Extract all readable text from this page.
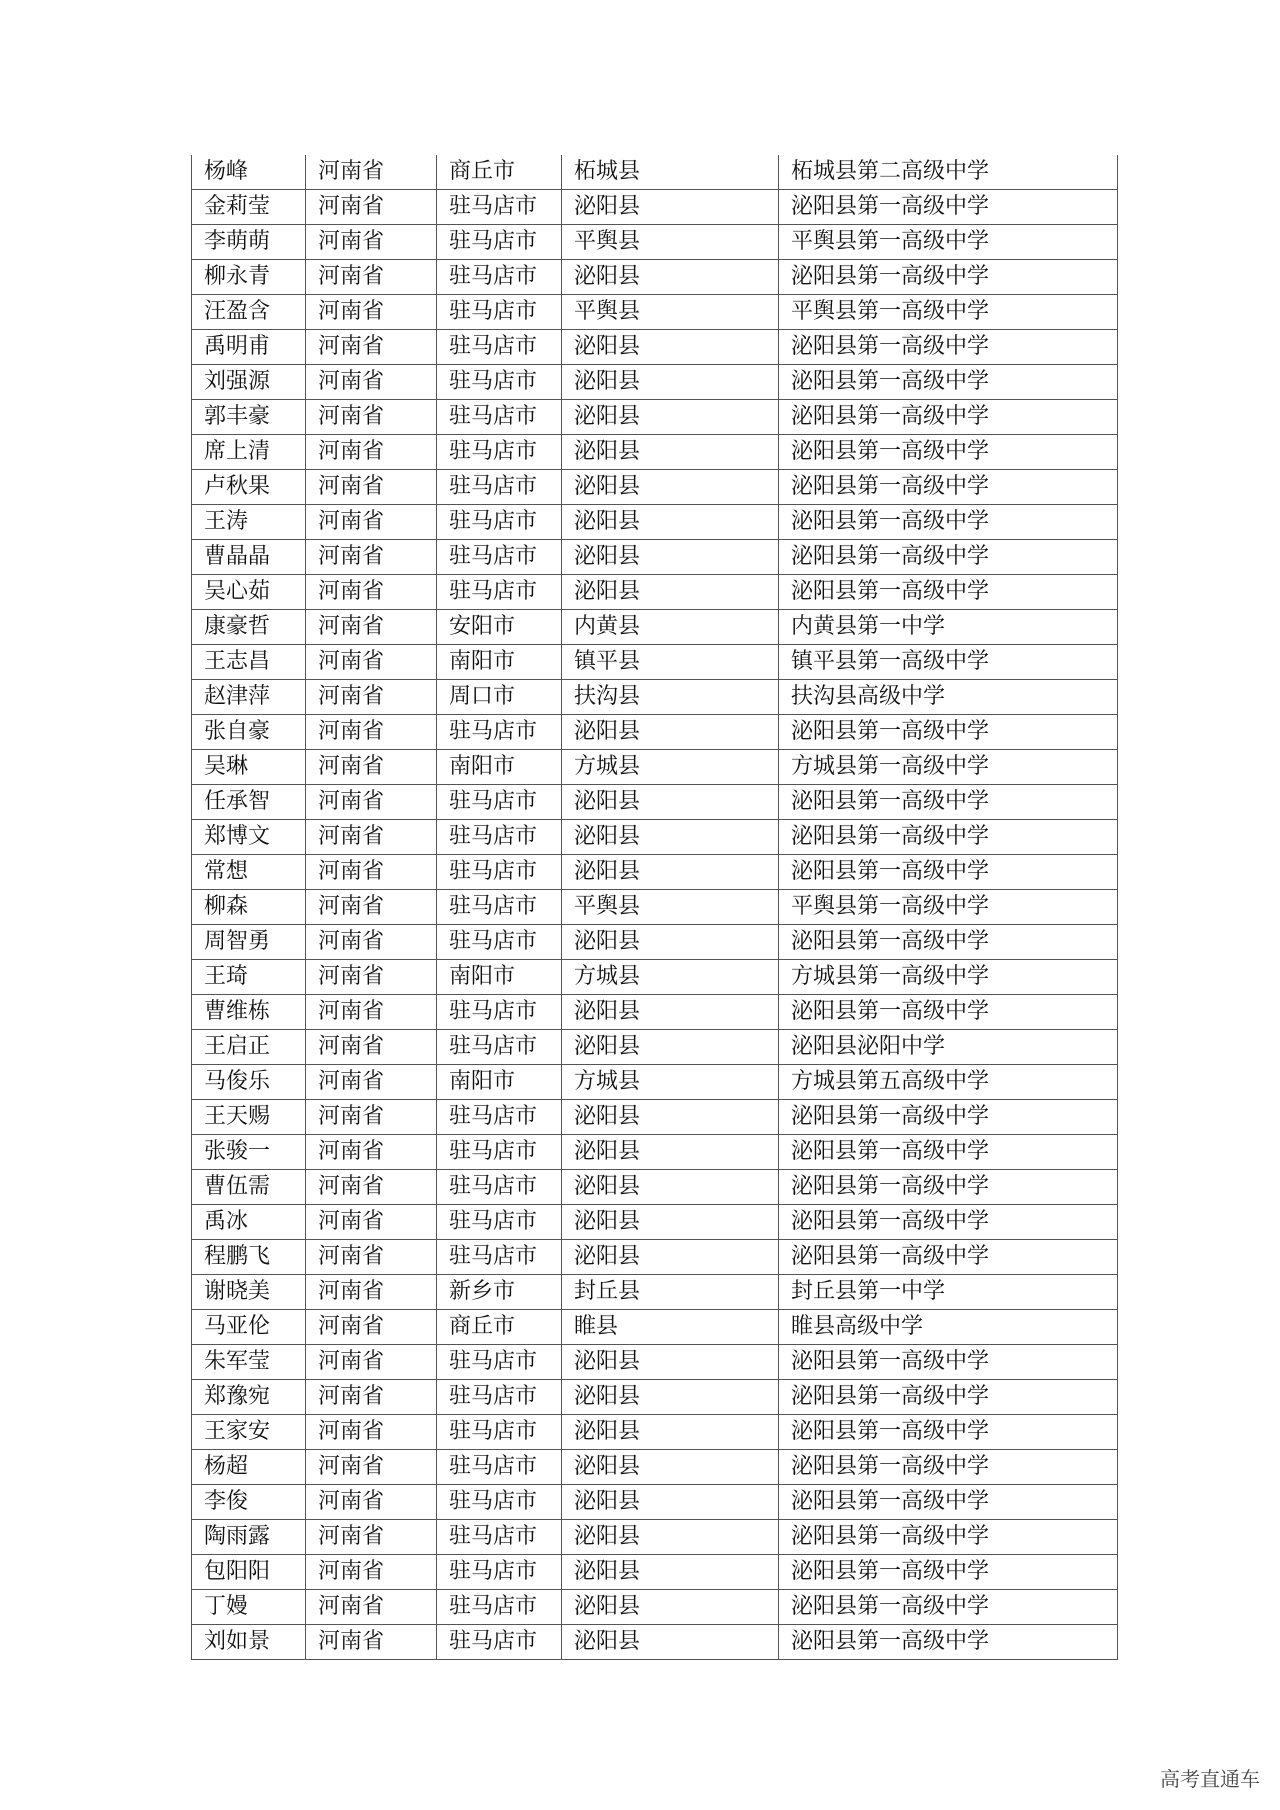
杨峰	河南省	商丘市	柘城县	柘城县第二高级中学
金莉莹	河南省	驻马店市	泌阳县	泌阳县第一高级中学
李萌萌	河南省	驻马店市	平舆县	平舆县第一高级中学
柳永青	河南省	驻马店市	泌阳县	泌阳县第一高级中学
汪盈含	河南省	驻马店市	平舆县	平舆县第一高级中学
禹明甫	河南省	驻马店市	泌阳县	泌阳县第一高级中学
刘强源	河南省	驻马店市	泌阳县	泌阳县第一高级中学
郭丰豪	河南省	驻马店市	泌阳县	泌阳县第一高级中学
席上清	河南省	驻马店市	泌阳县	泌阳县第一高级中学
卢秋果	河南省	驻马店市	泌阳县	泌阳县第一高级中学
王涛	河南省	驻马店市	泌阳县	泌阳县第一高级中学
曹晶晶	河南省	驻马店市	泌阳县	泌阳县第一高级中学
吴心茹	河南省	驻马店市	泌阳县	泌阳县第一高级中学
康豪哲	河南省	安阳市	内黄县	内黄县第一中学
王志昌	河南省	南阳市	镇平县	镇平县第一高级中学
赵津萍	河南省	周口市	扶沟县	扶沟县高级中学
张自豪	河南省	驻马店市	泌阳县	泌阳县第一高级中学
吴琳	河南省	南阳市	方城县	方城县第一高级中学
任承智	河南省	驻马店市	泌阳县	泌阳县第一高级中学
郑博文	河南省	驻马店市	泌阳县	泌阳县第一高级中学
常想	河南省	驻马店市	泌阳县	泌阳县第一高级中学
柳森	河南省	驻马店市	平舆县	平舆县第一高级中学
周智勇	河南省	驻马店市	泌阳县	泌阳县第一高级中学
王琦	河南省	南阳市	方城县	方城县第一高级中学
曹维栋	河南省	驻马店市	泌阳县	泌阳县第一高级中学
王启正	河南省	驻马店市	泌阳县	泌阳县泌阳中学
马俊乐	河南省	南阳市	方城县	方城县第五高级中学
王天赐	河南省	驻马店市	泌阳县	泌阳县第一高级中学
张骏一	河南省	驻马店市	泌阳县	泌阳县第一高级中学
曹伍需	河南省	驻马店市	泌阳县	泌阳县第一高级中学
禹冰	河南省	驻马店市	泌阳县	泌阳县第一高级中学
程鹏飞	河南省	驻马店市	泌阳县	泌阳县第一高级中学
谢晓美	河南省	新乡市	封丘县	封丘县第一中学
马亚伦	河南省	商丘市	睢县	睢县高级中学
朱军莹	河南省	驻马店市	泌阳县	泌阳县第一高级中学
郑豫宛	河南省	驻马店市	泌阳县	泌阳县第一高级中学
王家安	河南省	驻马店市	泌阳县	泌阳县第一高级中学
杨超	河南省	驻马店市	泌阳县	泌阳县第一高级中学
李俊	河南省	驻马店市	泌阳县	泌阳县第一高级中学
陶雨露	河南省	驻马店市	泌阳县	泌阳县第一高级中学
包阳阳	河南省	驻马店市	泌阳县	泌阳县第一高级中学
丁嫚	河南省	驻马店市	泌阳县	泌阳县第一高级中学
刘如景	河南省	驻马店市	泌阳县	泌阳县第一高级中学
高考直通车
